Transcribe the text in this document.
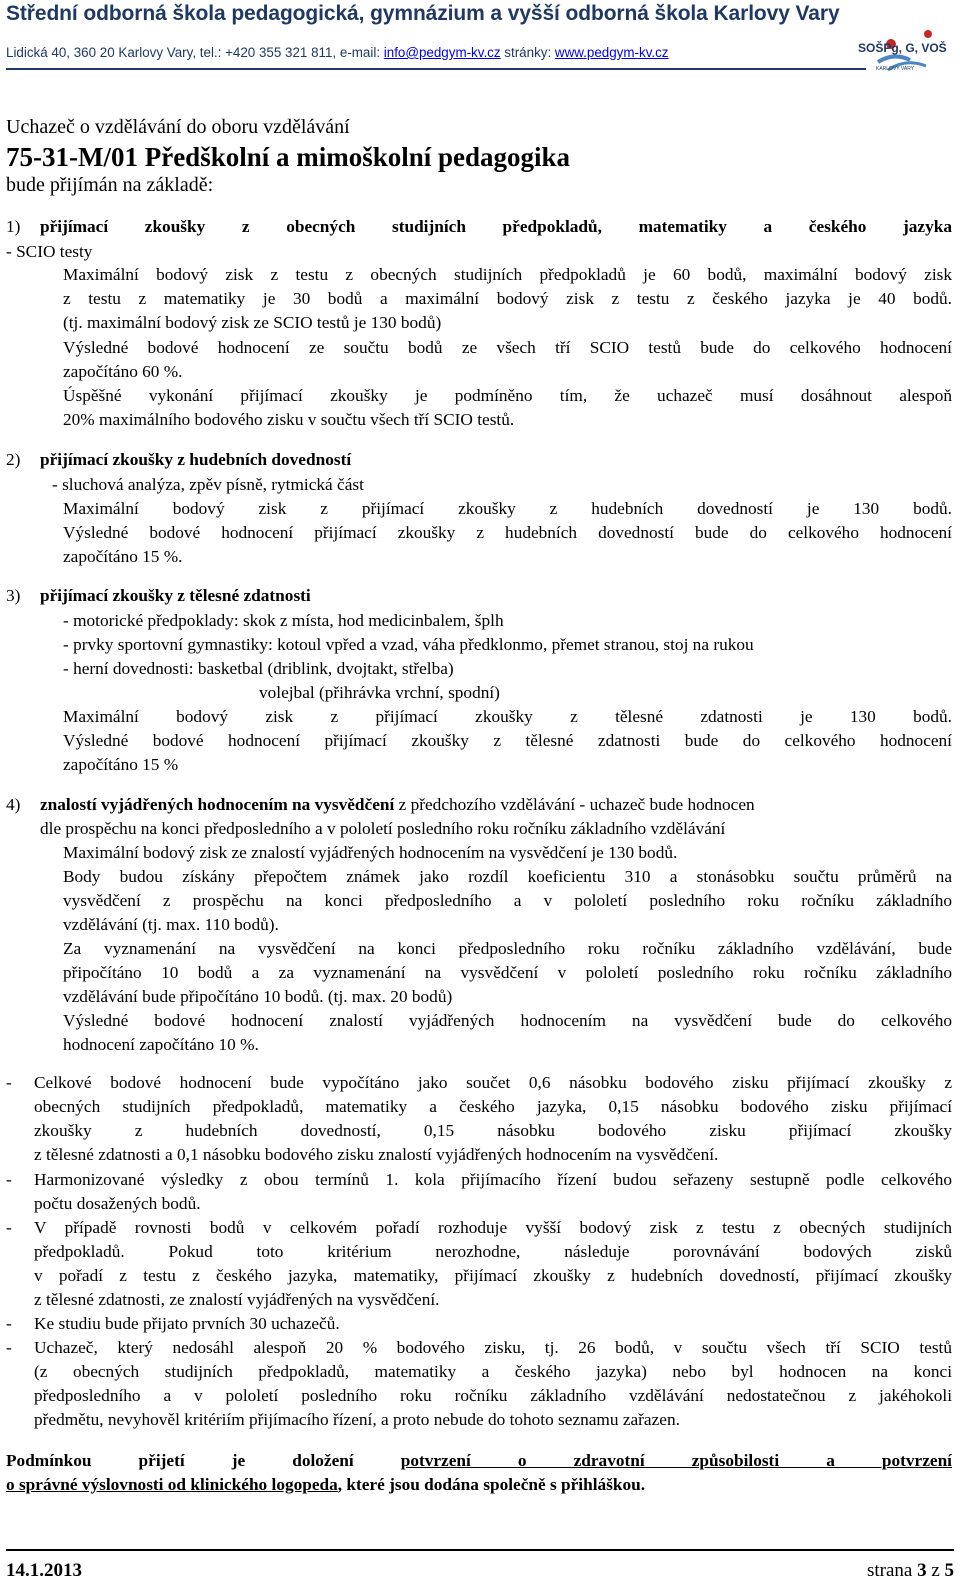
Střední odborná škola pedagogická, gymnázium a vyšší odborná škola Karlovy Vary
Lidická 40, 360 20 Karlovy Vary, tel.: +420 355 321 811, e-mail: info@pedgym-kv.cz stránky: www.pedgym-kv.cz	SOŠPg, G, VOŠ
KARLOVY VARY
Uchazeč o vzdělávání do oboru vzdělávání
75-31-M/01 Předškolní a mimoškolní pedagogika
bude přijímán na základě:
1) přijímací zkoušky z obecných studijních předpokladů, matematiky a českého jazyka
- SCIO testy
Maximální bodový zisk z testu z obecných studijních předpokladů je 60 bodů, maximální bodový zisk
z testu z matematiky je 30 bodů a maximální bodový zisk z testu z českého jazyka je 40 bodů.
(tj. maximální bodový zisk ze SCIO testů je 130 bodů)
Výsledné bodové hodnocení ze součtu bodů ze všech tří SCIO testů bude do celkového hodnocení
započítáno 60 %.
Úspěšné vykonání přijímací zkoušky je podmíněno tím, že uchazeč musí dosáhnout alespoň
20% maximálního bodového zisku v součtu všech tří SCIO testů.
2) přijímací zkoušky z hudebních dovedností
- sluchová analýza, zpěv písně, rytmická část
Maximální bodový zisk z přijímací zkoušky z hudebních dovedností je 130 bodů.
Výsledné bodové hodnocení přijímací zkoušky z hudebních dovedností bude do celkového hodnocení
započítáno 15 %.
3) přijímací zkoušky z tělesné zdatnosti
- motorické předpoklady: skok z místa, hod medicinbalem, šplh
- prvky sportovní gymnastiky: kotoul vpřed a vzad, váha předklonmo, přemet stranou, stoj na rukou
- herní dovednosti: basketbal (driblink, dvojtakt, střelba)
volejbal (přihrávka vrchní, spodní)
Maximální bodový zisk z přijímací zkoušky z tělesné zdatnosti je 130 bodů.
Výsledné bodové hodnocení přijímací zkoušky z tělesné zdatnosti bude do celkového hodnocení
započítáno 15 %
4) znalostí vyjádřených hodnocením na vysvědčení z předchozího vzdělávání - uchazeč bude hodnocen
dle prospěchu na konci předposledního a v pololetí posledního roku ročníku základního vzdělávání
Maximální bodový zisk ze znalostí vyjádřených hodnocením na vysvědčení je 130 bodů.
Body budou získány přepočtem známek jako rozdíl koeficientu 310 a stonásobku součtu průměrů na
vysvědčení z prospěchu na konci předposledního a v pololetí posledního roku ročníku základního
vzdělávání (tj. max. 110 bodů).
Za vyznamenání na vysvědčení na konci předposledního roku ročníku základního vzdělávání, bude
připočítáno 10 bodů a za vyznamenání na vysvědčení v pololetí posledního roku ročníku základního
vzdělávání bude připočítáno 10 bodů. (tj. max. 20 bodů)
Výsledné bodové hodnocení znalostí vyjádřených hodnocením na vysvědčení bude do celkového
hodnocení započítáno 10 %.
- Celkové bodové hodnocení bude vypočítáno jako součet 0,6 násobku bodového zisku přijímací zkoušky z
obecných studijních předpokladů, matematiky a českého jazyka, 0,15 násobku bodového zisku přijímací
zkoušky z hudebních dovedností, 0,15 násobku bodového zisku přijímací zkoušky
z tělesné zdatnosti a 0,1 násobku bodového zisku znalostí vyjádřených hodnocením na vysvědčení.
- Harmonizované výsledky z obou termínů 1. kola přijímacího řízení budou seřazeny sestupně podle celkového
počtu dosažených bodů.
- V případě rovnosti bodů v celkovém pořadí rozhoduje vyšší bodový zisk z testu z obecných studijních
předpokladů. Pokud toto kritérium nerozhodne, následuje porovnávání bodových zisků
v pořadí z testu z českého jazyka, matematiky, přijímací zkoušky z hudebních dovedností, přijímací zkoušky
z tělesné zdatnosti, ze znalostí vyjádřených na vysvědčení.
- Ke studiu bude přijato prvních 30 uchazečů.
- Uchazeč, který nedosáhl alespoň 20 % bodového zisku, tj. 26 bodů, v součtu všech tří SCIO testů
(z obecných studijních předpokladů, matematiky a českého jazyka) nebo byl hodnocen na konci
předposledního a v pololetí posledního roku ročníku základního vzdělávání nedostatečnou z jakéhokoli
předmětu, nevyhověl kritériím přijímacího řízení, a proto nebude do tohoto seznamu zařazen.
Podmínkou přijetí je doložení potvrzení o zdravotní způsobilosti a potvrzení
o správné výslovnosti od klinického logopeda, které jsou dodána společně s přihláškou.
14.1.2013	strana 3 z 5
